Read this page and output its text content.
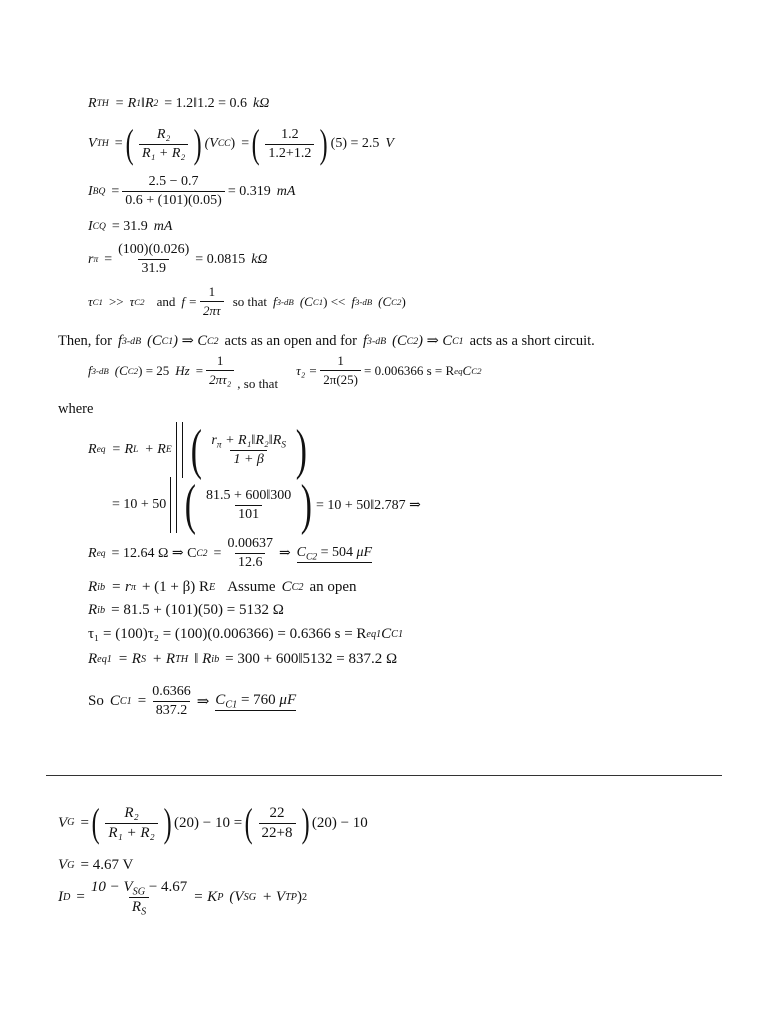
R TH = R 1 ‖ R 2 = 1.2‖1.2 = 0.6 kΩ
V TH = ( $\frac{\text{R₂}}{\text{R₁ + R₂}}$ ) (V CC ) = ( $\frac{1.2}{1.2+1.2}$ ) (5) = 2.5 V
I BQ = $\frac{2.5 - 0.7}{0.6 + (101)(0.05)} = 0.319$ mA
I CQ = 31.9 mA
r $\pi = \frac{(100)(0.026)}{31.9} = 0.0815$ kΩ
τ C1 >> τ C2 and $f = \frac{1}{2\pi\tau}$ so that f 3-dB (C C1 ) << f 3-dB (C C2 )
Then, for f 3-dB (C C1 ) ⇒ C C2 acts as an open and for f 3-dB (C C2 ) ⇒ C C1 acts as a short circuit.
f 3-dB (C C2 ) = 25 $Hz = \frac{1}{\text{2πτ₂}}$ , so that
$\tau_2 = \frac{1}{2\pi(25)} = 0.006366$ s = R eq C C2
where
R eq = R L + R E ( $\frac{r_\pi + R_1‖R_2‖R_S}{1 + \beta}$ )
= 10 + 50 ( $\frac{81.5 + 600‖300}{101}$ ) = 10 + 50‖2.787 ⇒
R eq = 12.64 Ω ⇒ C $C2 = \frac{0.00637}{12.6}$ ⇒ $C_{C2} = 504$ μF
R ib = r π + (1 + β) R E Assume C C2 an open
R ib = 81.5 + (101)(50) = 5132 Ω
τ₁ = (100)τ₂ = (100)(0.006366) = 0.6366 s = R eq1 C C1
R eq1 = R S + R TH ‖ R ib = 300 + 600‖5132 = 837.2 Ω
So C $C1 = \frac{0.6366}{837.2}$ ⇒ $C_{C1} = 760$ μF
V G = ( $\frac{\text{R₂}}{\text{R₁ + R₂}}$ ) (20) − 10 = ( $\frac{22}{22+8}$ ) (20) − 10
V G = 4.67 V
I $D = \frac{10 - V_{SG} - 4.67}{R_S} = K$ P (V SG + V TP ) 2
